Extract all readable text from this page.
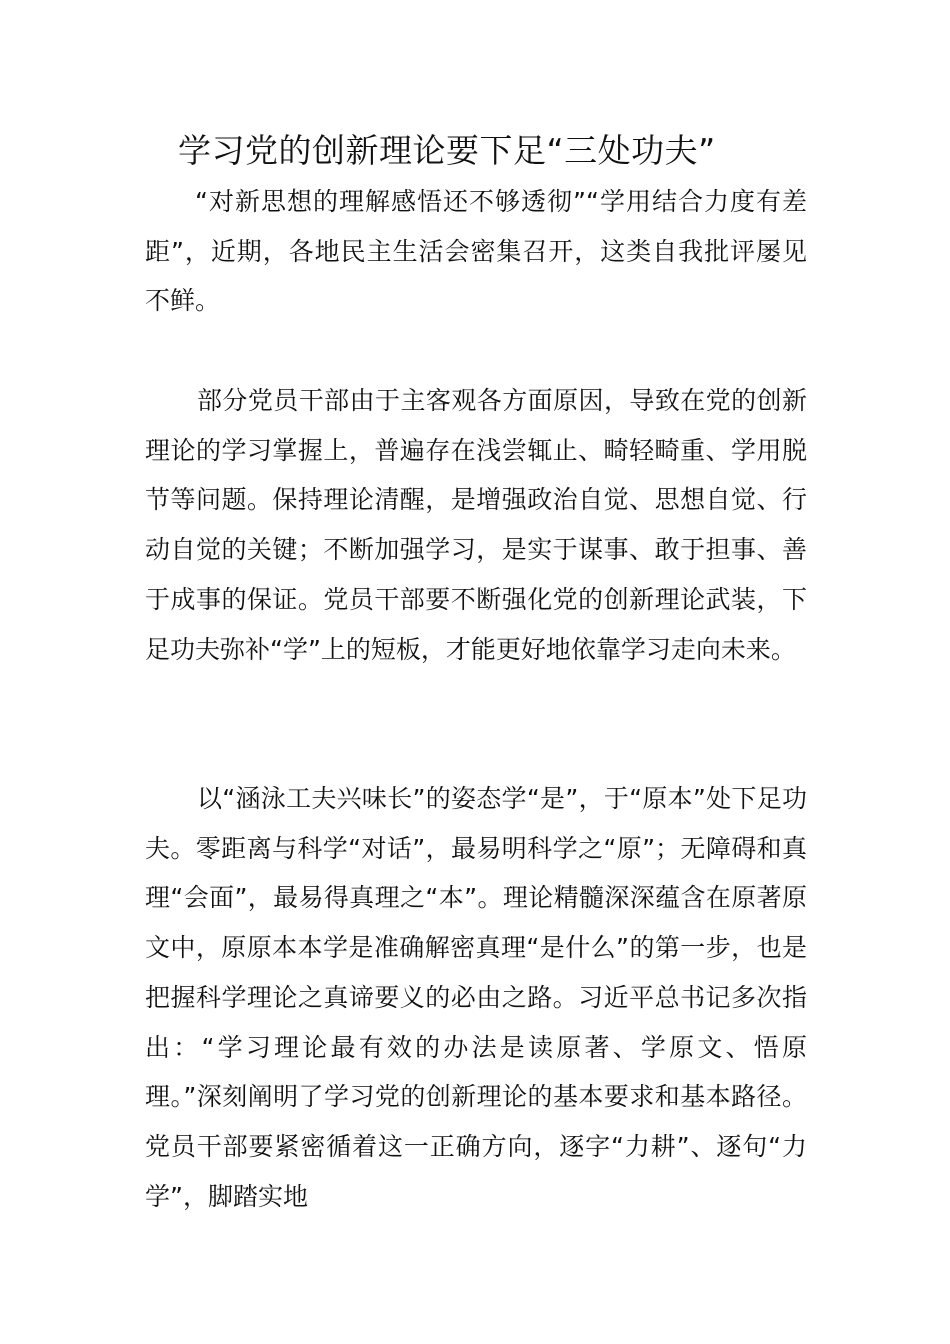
学习党的创新理论要下足“三处功夫”

“对新思想的理解感悟还不够透彻”“学用结合力度有差距”，近期，各地民主生活会密集召开，这类自我批评屡见不鲜。

部分党员干部由于主客观各方面原因，导致在党的创新理论的学习掌握上，普遍存在浅尝辄止、畸轻畸重、学用脱节等问题。保持理论清醒，是增强政治自觉、思想自觉、行动自觉的关键；不断加强学习，是实于谋事、敢于担事、善于成事的保证。党员干部要不断强化党的创新理论武装，下足功夫弥补“学”上的短板，才能更好地依靠学习走向未来。

以“涵泳工夫兴味长”的姿态学“是”，于“原本”处下足功夫。零距离与科学“对话”，最易明科学之“原”；无障碍和真理“会面”，最易得真理之“本”。理论精髓深深蕴含在原著原文中，原原本本学是准确解密真理“是什么”的第一步，也是把握科学理论之真谛要义的必由之路。习近平总书记多次指出：“学习理论最有效的办法是读原著、学原文、悟原理。”深刻阐明了学习党的创新理论的基本要求和基本路径。党员干部要紧密循着这一正确方向，逐字“力耕”、逐句“力学”，脚踏实地
